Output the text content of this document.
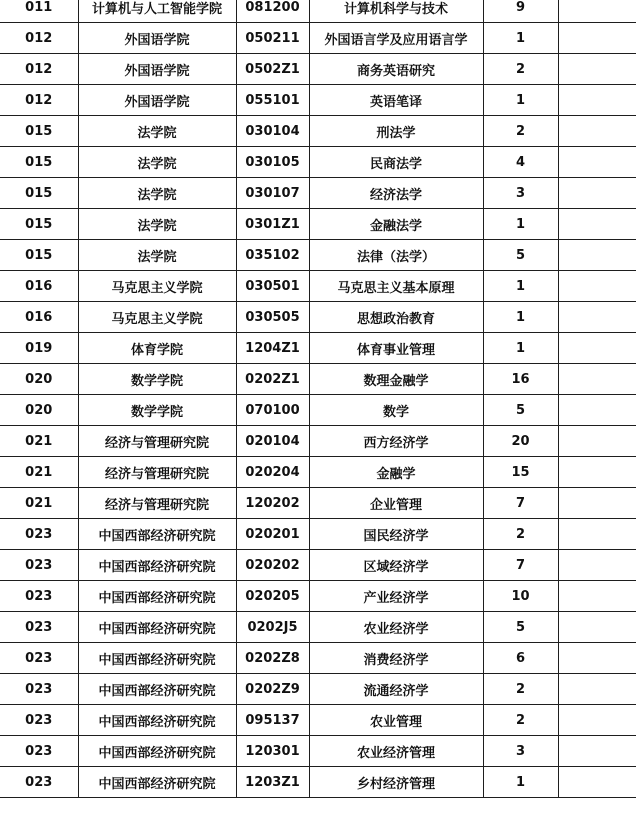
011	计算机与人工智能学院	081200	计算机科学与技术	9	
012	外国语学院	050211	外国语言学及应用语言学	1	
012	外国语学院	0502Z1	商务英语研究	2	
012	外国语学院	055101	英语笔译	1	
015	法学院	030104	刑法学	2	
015	法学院	030105	民商法学	4	
015	法学院	030107	经济法学	3	
015	法学院	0301Z1	金融法学	1	
015	法学院	035102	法律（法学）	5	
016	马克思主义学院	030501	马克思主义基本原理	1	
016	马克思主义学院	030505	思想政治教育	1	
019	体育学院	1204Z1	体育事业管理	1	
020	数学学院	0202Z1	数理金融学	16	
020	数学学院	070100	数学	5	
021	经济与管理研究院	020104	西方经济学	20	
021	经济与管理研究院	020204	金融学	15	
021	经济与管理研究院	120202	企业管理	7	
023	中国西部经济研究院	020201	国民经济学	2	
023	中国西部经济研究院	020202	区域经济学	7	
023	中国西部经济研究院	020205	产业经济学	10	
023	中国西部经济研究院	0202J5	农业经济学	5	
023	中国西部经济研究院	0202Z8	消费经济学	6	
023	中国西部经济研究院	0202Z9	流通经济学	2	
023	中国西部经济研究院	095137	农业管理	2	
023	中国西部经济研究院	120301	农业经济管理	3	
023	中国西部经济研究院	1203Z1	乡村经济管理	1	
